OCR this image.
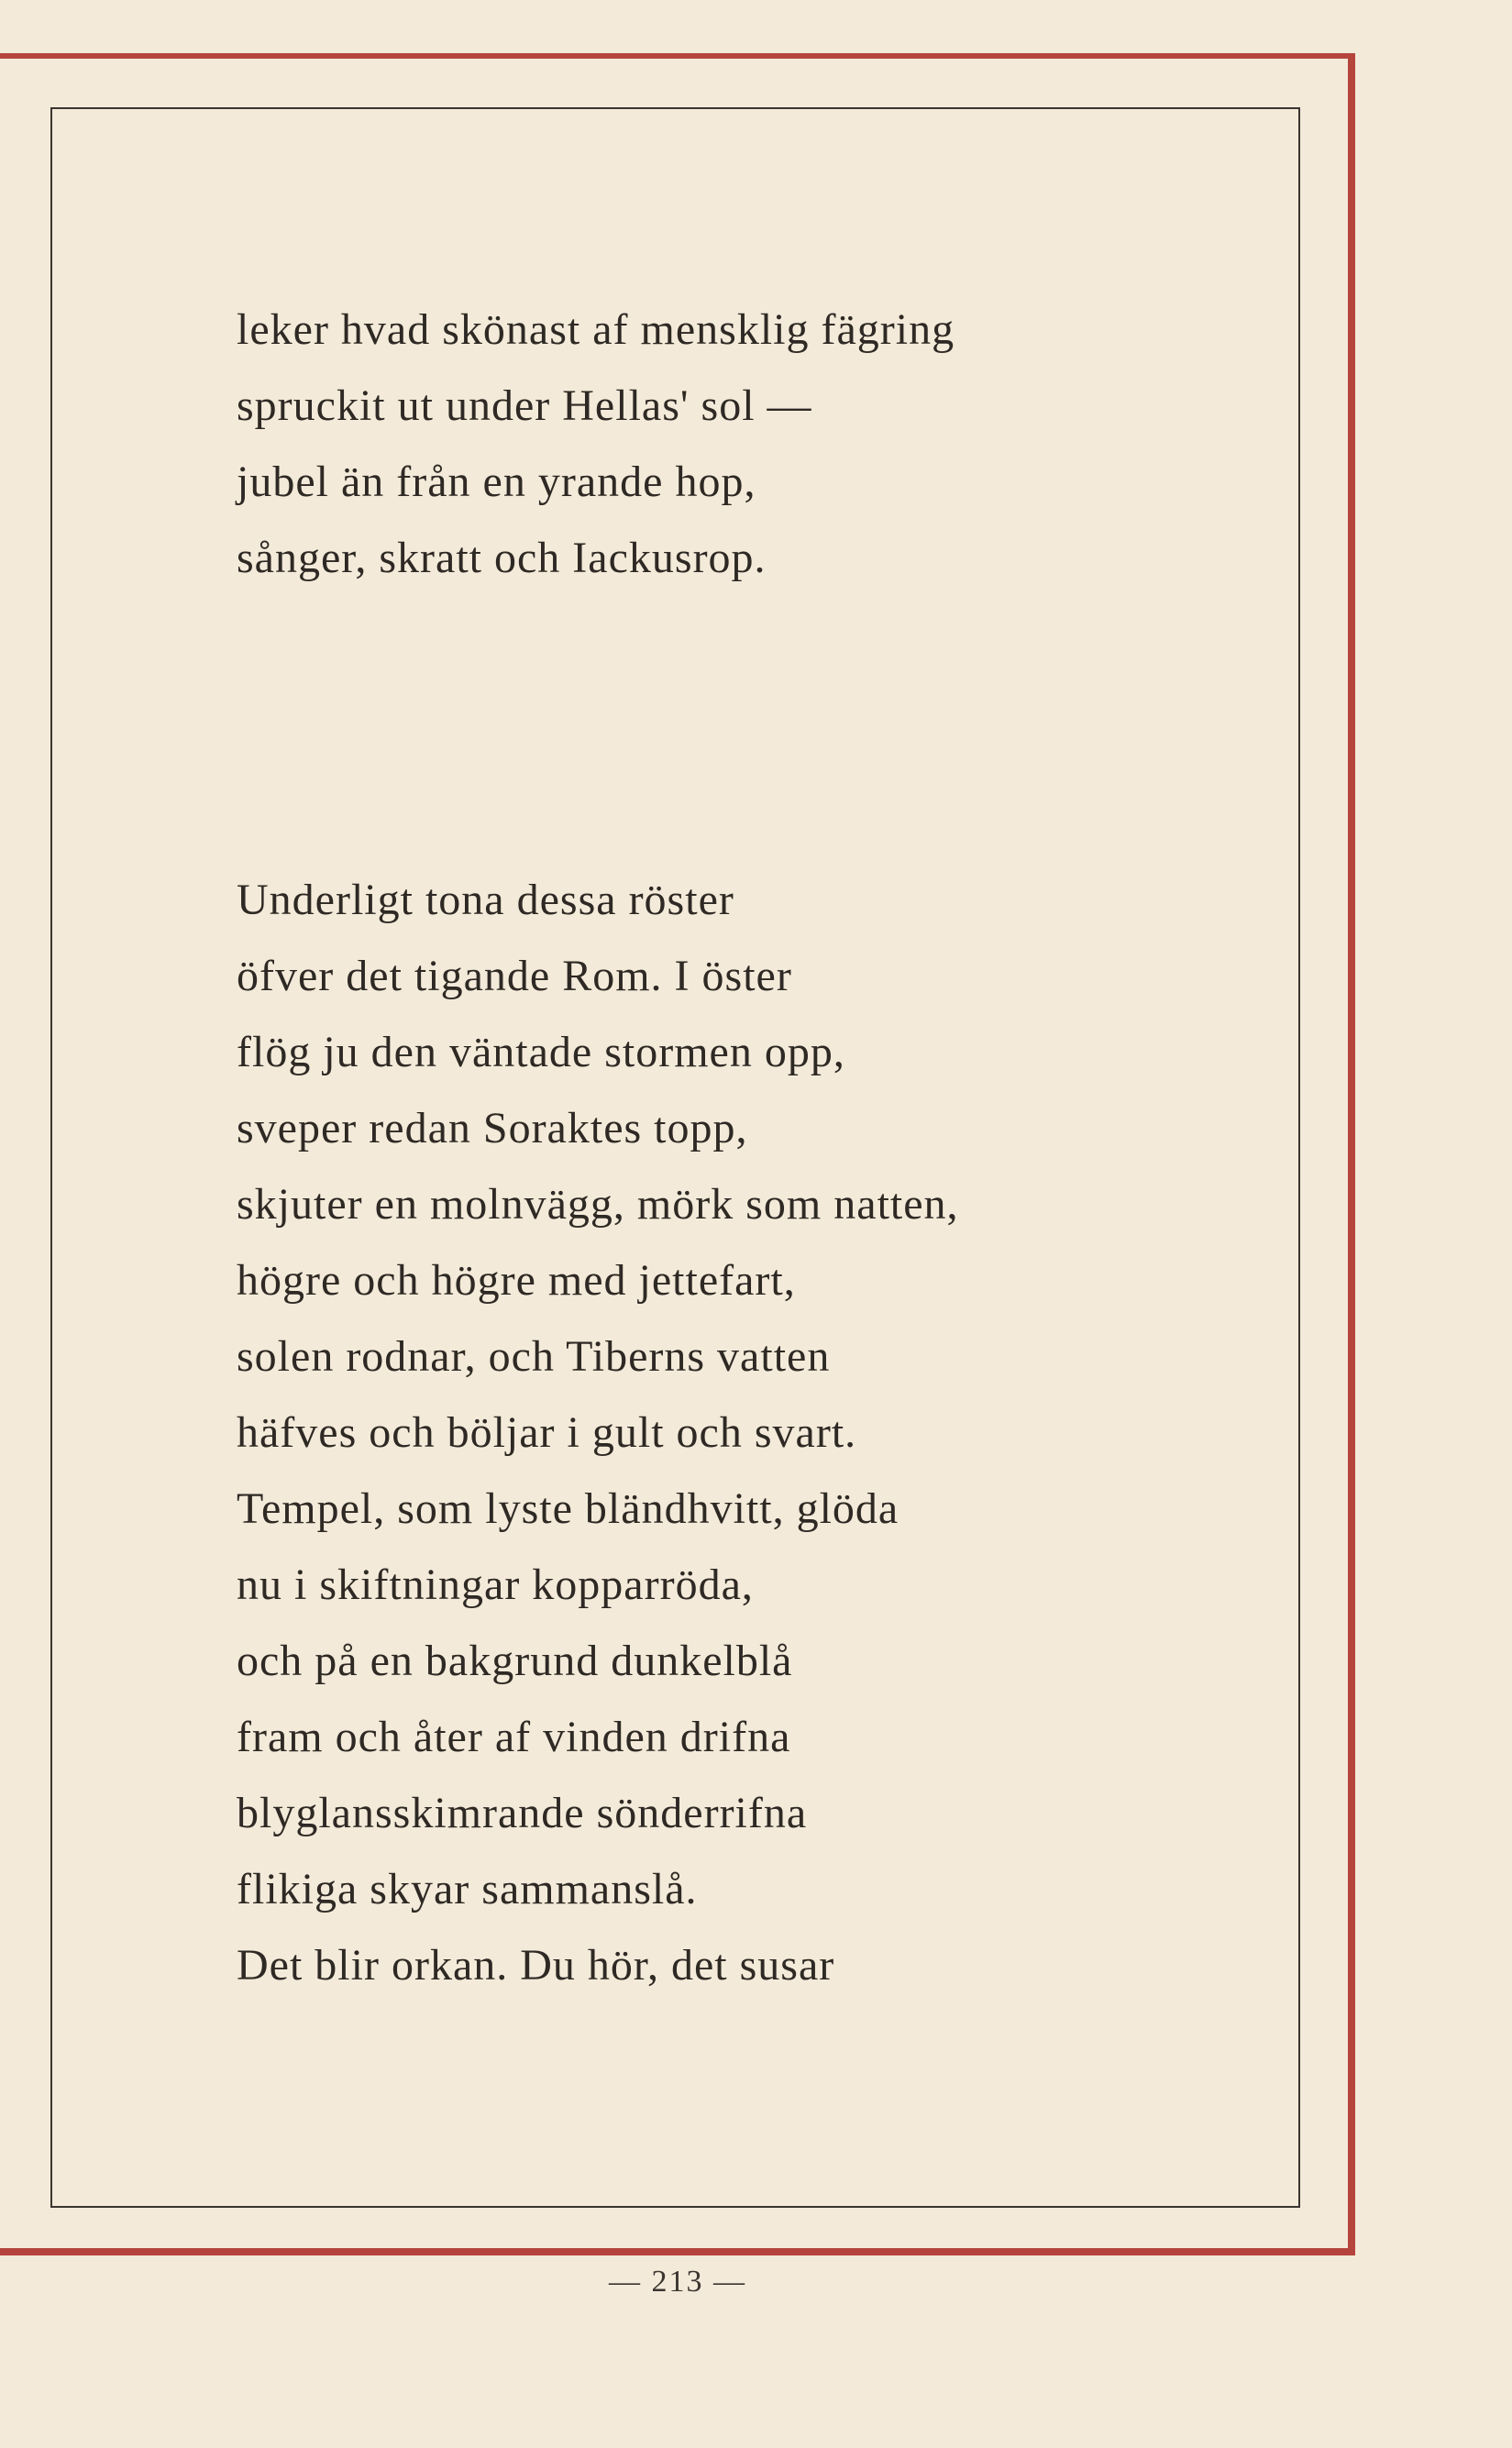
leker hvad skönast af mensklig fägring
spruckit ut under Hellas' sol —
jubel än från en yrande hop,
sånger, skratt och Iackusrop.
Underligt tona dessa röster
öfver det tigande Rom. I öster
flög ju den väntade stormen opp,
sveper redan Soraktes topp,
skjuter en molnvägg, mörk som natten,
högre och högre med jettefart,
solen rodnar, och Tiberns vatten
häfves och böljar i gult och svart.
Tempel, som lyste bländhvitt, glöda
nu i skiftningar kopparröda,
och på en bakgrund dunkelblå
fram och åter af vinden drifna
blyglansskimrande sönderrifna
flikiga skyar sammanslå.
Det blir orkan. Du hör, det susar
— 213 —
